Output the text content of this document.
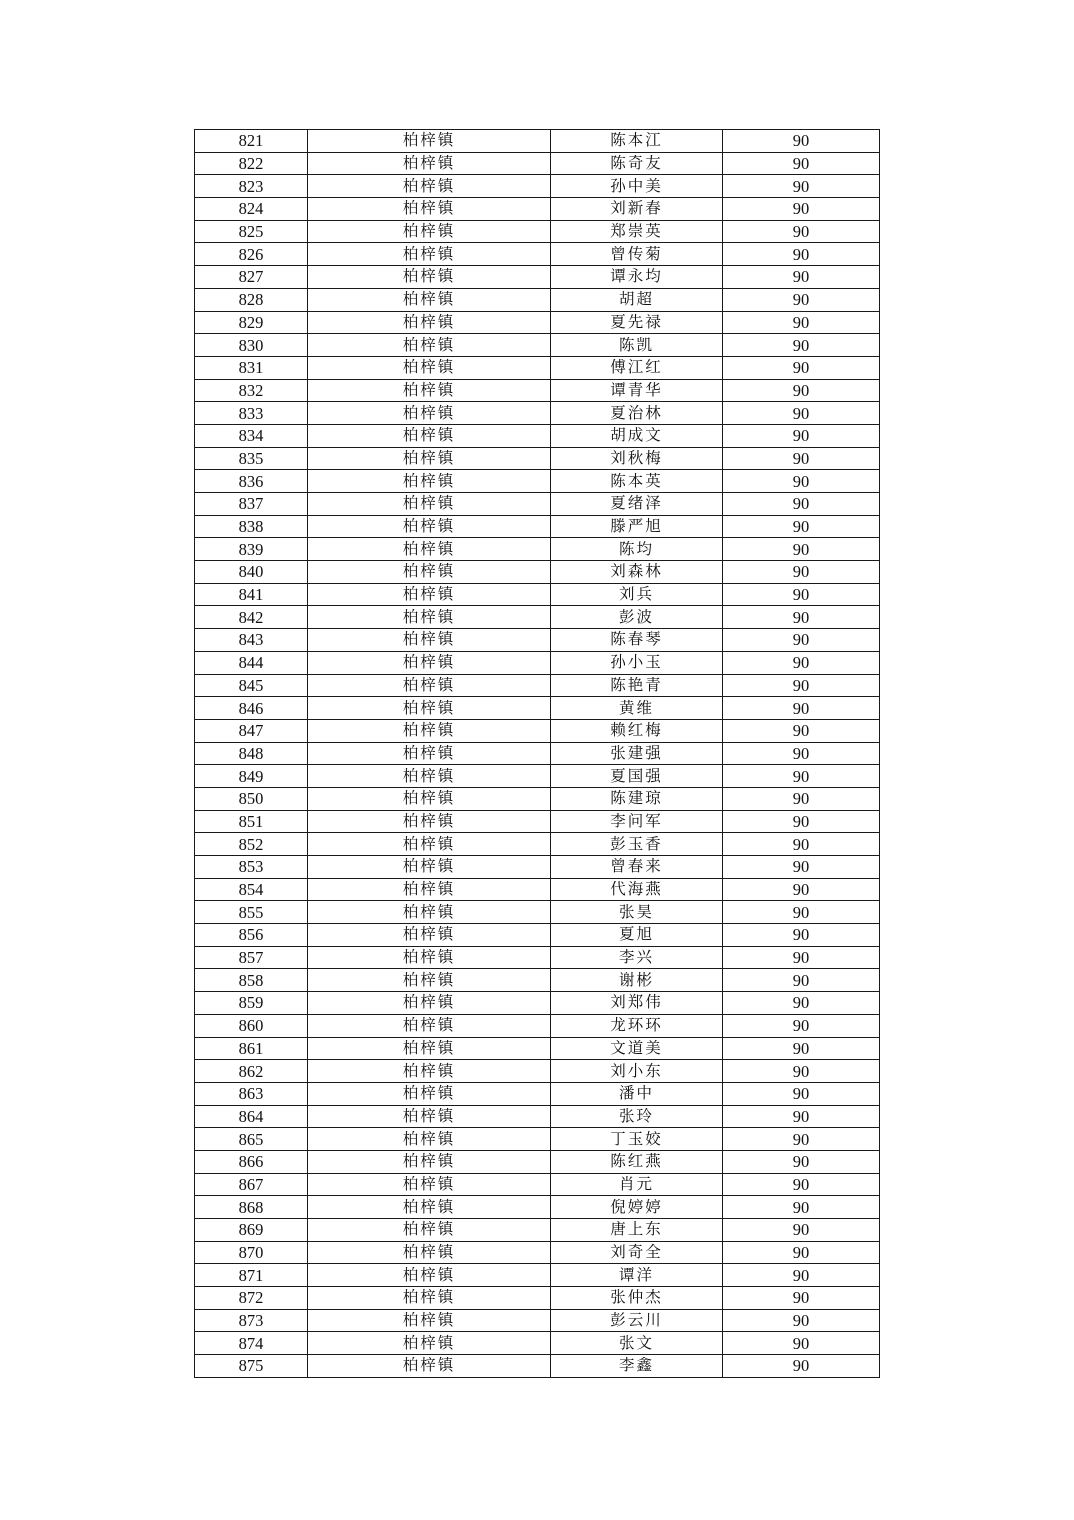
821	柏梓镇	陈本江	90
822	柏梓镇	陈奇友	90
823	柏梓镇	孙中美	90
824	柏梓镇	刘新春	90
825	柏梓镇	郑崇英	90
826	柏梓镇	曾传菊	90
827	柏梓镇	谭永均	90
828	柏梓镇	胡超	90
829	柏梓镇	夏先禄	90
830	柏梓镇	陈凯	90
831	柏梓镇	傅江红	90
832	柏梓镇	谭青华	90
833	柏梓镇	夏治林	90
834	柏梓镇	胡成文	90
835	柏梓镇	刘秋梅	90
836	柏梓镇	陈本英	90
837	柏梓镇	夏绪泽	90
838	柏梓镇	滕严旭	90
839	柏梓镇	陈均	90
840	柏梓镇	刘森林	90
841	柏梓镇	刘兵	90
842	柏梓镇	彭波	90
843	柏梓镇	陈春琴	90
844	柏梓镇	孙小玉	90
845	柏梓镇	陈艳青	90
846	柏梓镇	黄维	90
847	柏梓镇	赖红梅	90
848	柏梓镇	张建强	90
849	柏梓镇	夏国强	90
850	柏梓镇	陈建琼	90
851	柏梓镇	李问军	90
852	柏梓镇	彭玉香	90
853	柏梓镇	曾春来	90
854	柏梓镇	代海燕	90
855	柏梓镇	张昊	90
856	柏梓镇	夏旭	90
857	柏梓镇	李兴	90
858	柏梓镇	谢彬	90
859	柏梓镇	刘郑伟	90
860	柏梓镇	龙环环	90
861	柏梓镇	文道美	90
862	柏梓镇	刘小东	90
863	柏梓镇	潘中	90
864	柏梓镇	张玲	90
865	柏梓镇	丁玉姣	90
866	柏梓镇	陈红燕	90
867	柏梓镇	肖元	90
868	柏梓镇	倪婷婷	90
869	柏梓镇	唐上东	90
870	柏梓镇	刘奇全	90
871	柏梓镇	谭洋	90
872	柏梓镇	张仲杰	90
873	柏梓镇	彭云川	90
874	柏梓镇	张文	90
875	柏梓镇	李鑫	90
